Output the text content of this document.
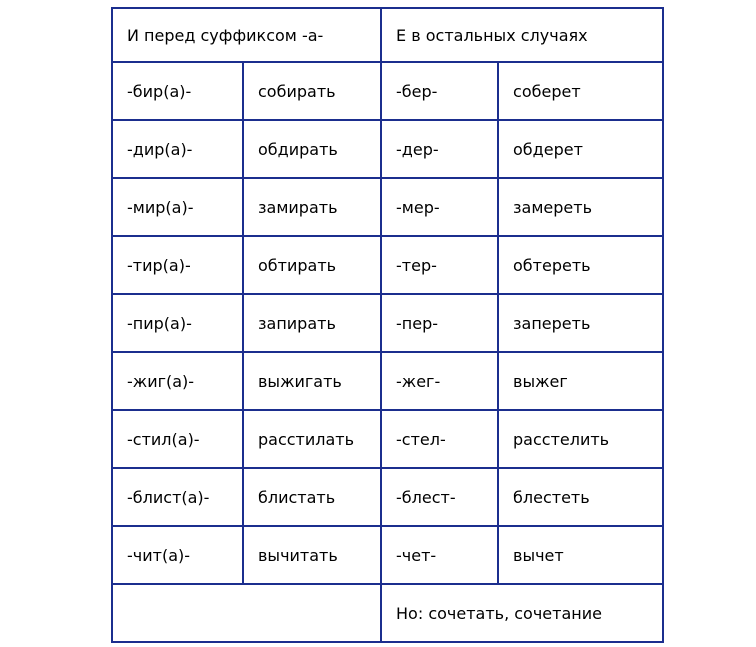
И перед суффиксом -а-		Е в остальных случаях	
-бир(а)-	собирать	-бер-	соберет
-дир(а)-	обдирать	-дер-	обдерет
-мир(а)-	замирать	-мер-	замереть
-тир(а)-	обтирать	-тер-	обтереть
-пир(а)-	запирать	-пер-	запереть
-жиг(а)-	выжигать	-жег-	выжег
-стил(а)-	расстилать	-стел-	расстелить
-блист(а)-	блистать	-блест-	блестеть
-чит(а)-	вычитать	-чет-	вычет
		Но: сочетать, сочетание	
